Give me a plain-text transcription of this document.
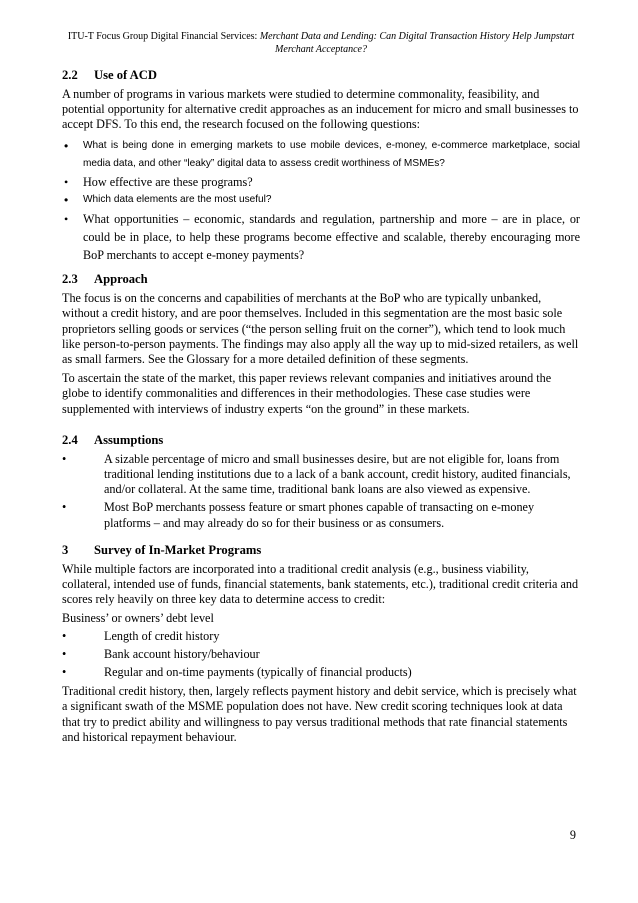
ITU-T Focus Group Digital Financial Services: Merchant Data and Lending: Can Digital Transaction History Help Jumpstart Merchant Acceptance?
2.2 Use of ACD

A number of programs in various markets were studied to determine commonality, feasibility, and potential opportunity for alternative credit approaches as an inducement for micro and small businesses to accept DFS. To this end, the research focused on the following questions:

• What is being done in emerging markets to use mobile devices, e-money, e-commerce marketplace, social media data, and other “leaky” digital data to assess credit worthiness of MSMEs?
• How effective are these programs?
• Which data elements are the most useful?
• What opportunities – economic, standards and regulation, partnership and more – are in place, or could be in place, to help these programs become effective and scalable, thereby encouraging more BoP merchants to accept e-money payments?
2.3 Approach

The focus is on the concerns and capabilities of merchants at the BoP who are typically unbanked, without a credit history, and are poor themselves. Included in this segmentation are the most basic sole proprietors selling goods or services (“the person selling fruit on the corner”), which tend to look much like person-to-person payments. The findings may also apply all the way up to mid-sized retailers, as well as small farmers. See the Glossary for a more detailed definition of these segments.

To ascertain the state of the market, this paper reviews relevant companies and initiatives around the globe to identify commonalities and differences in their methodologies. These case studies were supplemented with interviews of industry experts “on the ground” in these markets.

2.4 Assumptions
•	A sizable percentage of micro and small businesses desire, but are not eligible for, loans from traditional lending institutions due to a lack of a bank account, credit history, audited financials, and/or collateral. At the same time, traditional bank loans are also viewed as expensive.
•	Most BoP merchants possess feature or smart phones capable of transacting on e-money platforms – and may already do so for their business or as consumers.
3 Survey of In-Market Programs

While multiple factors are incorporated into a traditional credit analysis (e.g., business viability, collateral, intended use of funds, financial statements, bank statements, etc.), traditional credit criteria and scores rely heavily on three key data to determine access to credit:

Business’ or owners’ debt level

•	Length of credit history
•	Bank account history/behaviour
•	Regular and on-time payments (typically of financial products)

Traditional credit history, then, largely reflects payment history and debit service, which is precisely what a significant swath of the MSME population does not have. New credit scoring techniques look at data that try to predict ability and willingness to pay versus traditional methods that rate financial statements and historical repayment behaviour.

9
